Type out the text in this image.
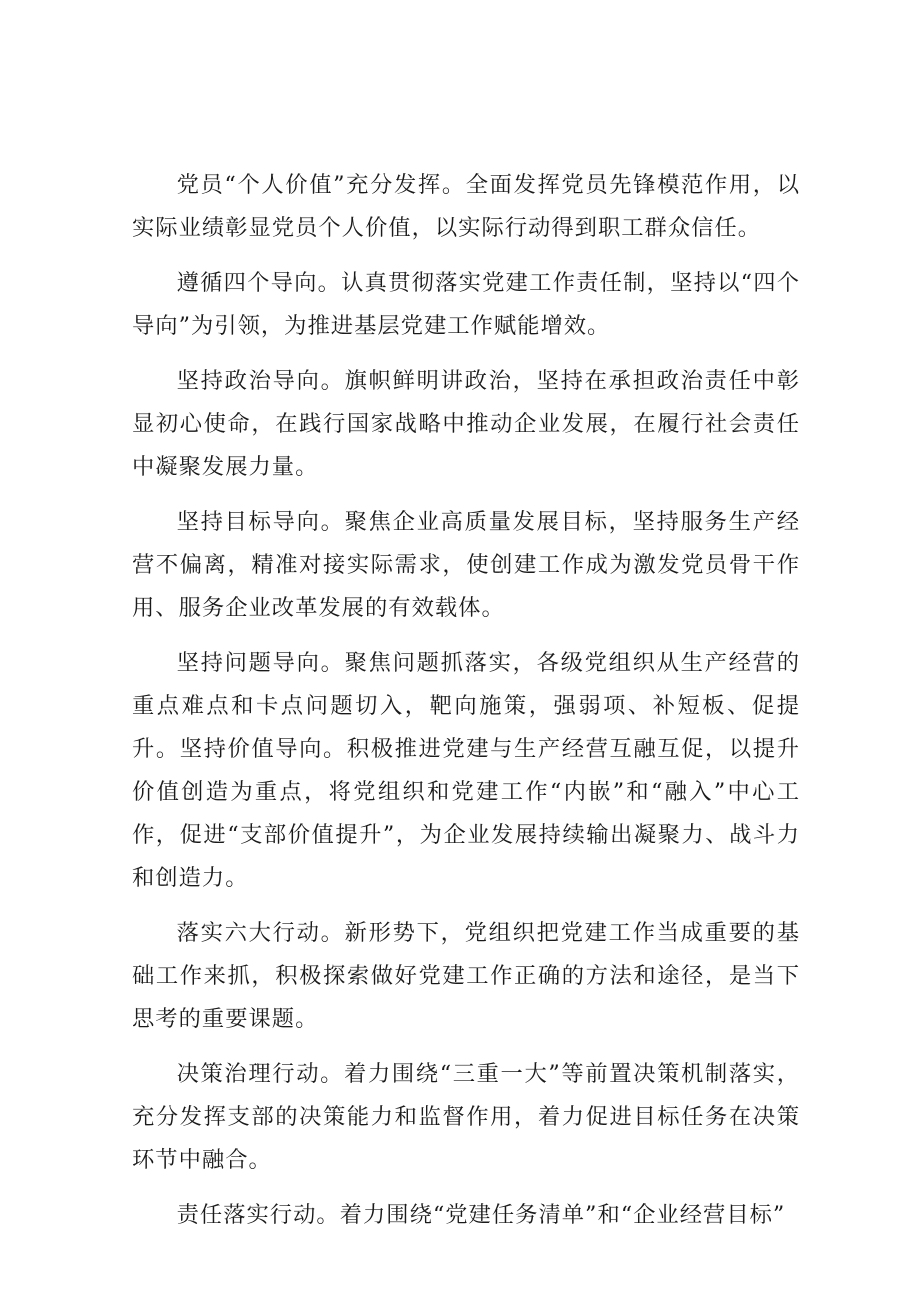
党员“个人价值”充分发挥。全面发挥党员先锋模范作用，以实际业绩彰显党员个人价值，以实际行动得到职工群众信任。

遵循四个导向。认真贯彻落实党建工作责任制，坚持以“四个导向”为引领，为推进基层党建工作赋能增效。

坚持政治导向。旗帜鲜明讲政治，坚持在承担政治责任中彰显初心使命，在践行国家战略中推动企业发展，在履行社会责任中凝聚发展力量。

坚持目标导向。聚焦企业高质量发展目标，坚持服务生产经营不偏离，精准对接实际需求，使创建工作成为激发党员骨干作用、服务企业改革发展的有效载体。

坚持问题导向。聚焦问题抓落实，各级党组织从生产经营的重点难点和卡点问题切入，靶向施策，强弱项、补短板、促提升。坚持价值导向。积极推进党建与生产经营互融互促，以提升价值创造为重点，将党组织和党建工作“内嵌”和“融入”中心工作，促进“支部价值提升”，为企业发展持续输出凝聚力、战斗力和创造力。

落实六大行动。新形势下，党组织把党建工作当成重要的基础工作来抓，积极探索做好党建工作正确的方法和途径，是当下思考的重要课题。

决策治理行动。着力围绕“三重一大”等前置决策机制落实，充分发挥支部的决策能力和监督作用，着力促进目标任务在决策环节中融合。

责任落实行动。着力围绕“党建任务清单”和“企业经营目标”
